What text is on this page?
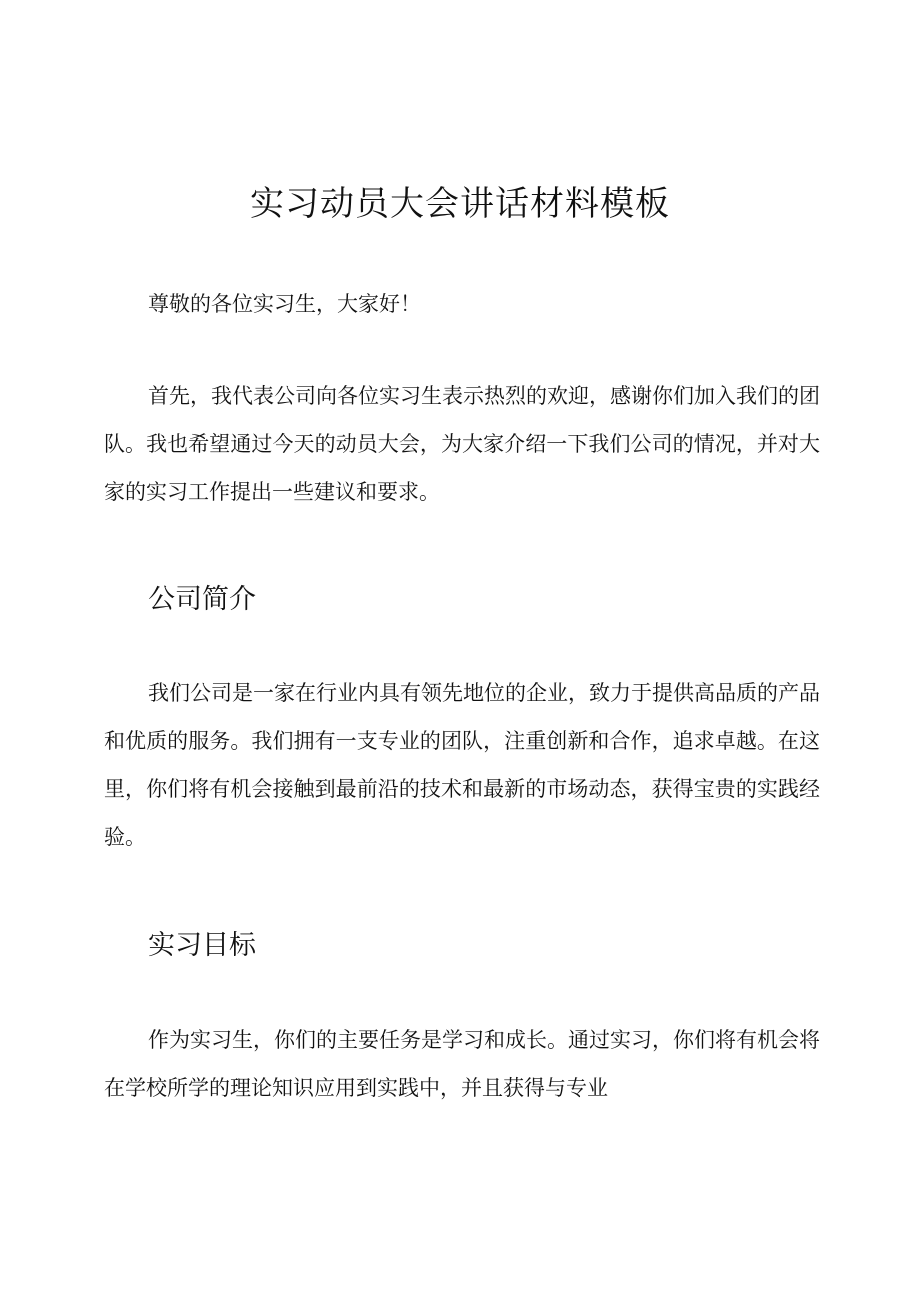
实习动员大会讲话材料模板

尊敬的各位实习生，大家好！

首先，我代表公司向各位实习生表示热烈的欢迎，感谢你们加入我们的团队。我也希望通过今天的动员大会，为大家介绍一下我们公司的情况，并对大家的实习工作提出一些建议和要求。

公司简介

我们公司是一家在行业内具有领先地位的企业，致力于提供高品质的产品和优质的服务。我们拥有一支专业的团队，注重创新和合作，追求卓越。在这里，你们将有机会接触到最前沿的技术和最新的市场动态，获得宝贵的实践经验。

实习目标

作为实习生，你们的主要任务是学习和成长。通过实习，你们将有机会将在学校所学的理论知识应用到实践中，并且获得与专业
